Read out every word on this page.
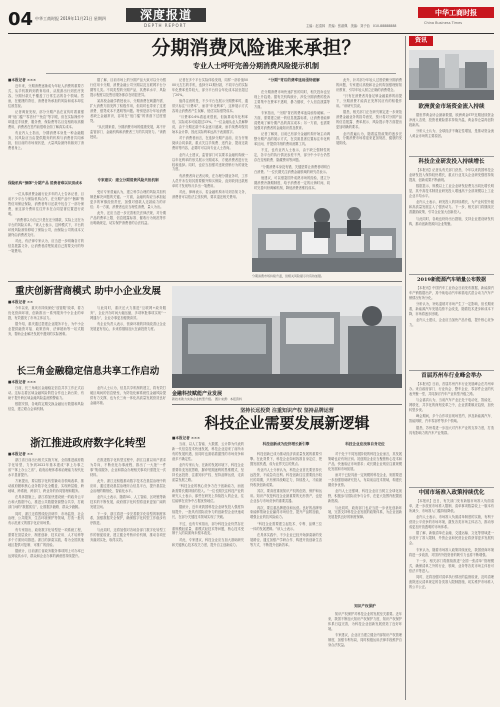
04 中华工商时报 2019年11月21日 星期四	深度报道
DEPTH REPORT	主编：赵清林　责编：张淑佩　美编：刘子怡　010-88888888
中华工商时报
China Business Times
分期消费风险谁来承担？
专业人士呼吁完善分期消费风险提示机制
■本报记者 ×××

近年来，分期消费逐渐成为年轻人消费的重要方式，从手机数码到教育培训，从旅游出行到医疗美容，分期付款几乎覆盖了日常生活的各个领域。然而，在便捷的背后，消费者所承担的风险和成本却往往被忽视。

记者调查发现，部分分期产品在宣传时着重强调“低门槛”“零首付”“免息”等字眼，但在实际操作中却通过手续费、服务费、保险费等名目变相收取高额费用，消费者在签约前很难全面了解真实成本。

有业内人士指出，分期消费本身是一种金融服务，其风险应当由提供服务的机构与消费者共同承担，但目前的市场现状是，大量风险最终转嫁到了消费者身上。

保险机构“捆绑”分期产品 消费者难以识别成本

一位从事消费金融行业多年的人士告诉记者，目前不少平台与保险机构合作，在分期产品中“捆绑”销售信用保证保险，消费者每月还款中包含了一部分保费，而这部分费用往往并未在合同显著位置进行说明。

“消费者以为自己只是在还分期款，实际上还在为平台的风险买单。”该人士表示，这种模式下，平台的坏账风险被转移给了保险公司，而保险公司的成本又最终由消费者支付。

对此，有法律专家认为，应当进一步明确各方的信息披露义务，让消费者清楚知道自己需要支付的每一笔费用。

据了解，目前市场上的分期产品大致可以分为银行信用卡分期、消费金融公司分期以及互联网平台分期等几类。不同类型的分期产品，其费率水平、风险提示程度以及售后服务都存在明显差异。

某高校金融学教授表示，分期消费在刺激内需、扩大消费方面发挥了积极作用，但同时也带来了过度消费、借贷成本不透明等问题。特别是部分年轻消费者缺乏金融常识，容易在“低门槛”的诱惑下过度借贷。

“从长期来看，分期消费市场的健康发展，离不开监管部门、金融机构和消费者三方的共同努力。”该教授说。

专家建议：建立分期消费风险共担机制

受访专家普遍认为，建立科学合理的风险共担机制是解决问题的关键。一方面，金融机构应当承担起更多的审慎经营责任，加强对借款人还款能力的评估；另一方面，消费者也应当理性消费，量入为出。

此外，还应当进一步完善相关法律法规，对分期产品的费率上限、信息披露标准、催收行为规范等作出明确规定，切实保护消费者的合法权益。

记者在多个平台实际体验发现，同样一部价值5000元左右的手机，选择分12期付款，不同平台的实际年化费率差异较大，部分平台综合年化成本甚至超过了20%。

值得注意的是，不少平台在展示分期费率时，通常只标注“月费率”，而非“年化利率”，这种展示方式容易让消费者产生误解，低估实际借贷成本。

“月费率0.6%看起来很低，但换算成年化利率后，实际成本可能超过13%。”一位金融从业人员解释说，由于分期还款中本金逐月递减，而手续费却按初始本金计算，因此实际利率远高于表面数字。

对于消费者而言，在选择分期产品前，应当仔细阅读合同条款，重点关注手续费、违约金、提前还款费用等内容，必要时可以向专业人士咨询。

业内人士建议，监管部门可以要求金融机构统一以年化利率的形式展示分期成本，方便消费者进行比较和选择。同时，也应当加强对违规营销行为的查处力度。

有消费者向记者反映，在办理分期业务时，工作人员并未告知其需要额外购买保险，直到收到还款账单时才发现每月多出一笔费用。

对此，律师表示，若金融机构未尽到告知义务，消费者可以依法主张权利，要求退还相关费用。

“分期”背后的费率迷局亟待破解

在分期消费市场快速扩张的同时，相关投诉也呈现上升趋势。据有关机构统计，涉及分期消费的投诉主要集中在费率不透明、暴力催收、个人信息泄露等方面。

专家指出，“分期”背后的费率迷局亟待破解。一方面，需要建立统一的信息披露标准，让消费者能够清楚地了解分期产品的真实成本；另一方面，也需要加强对消费者的金融知识普及教育。

记者了解到，目前已有部分金融机构开始主动调整分期产品的展示方式，在页面显著位置标注年化利率区间，并提供详细的费用测算工具。

不过，也有业内人士表示，由于缺乏强制性规定，各平台的执行情况参差不齐，部分中小平台仍然存在变相收费、隐藏费用等问题。

“分期消费本身没有错，关键是要让消费者明明白白消费。”一位长期关注消费金融领域的研究员表示。

他建议，可以借鉴国外成熟市场的经验，建立分期消费冷静期制度，给予消费者一定的反悔时间，同时完善纠纷调解机制，降低消费者维权成本。

此外，针对部分年轻人过度依赖分期消费的问题，专家建议高校和社会机构加强理财知识教育，引导年轻人树立正确的消费观念。

“只有在消费者具备足够金融素养的前提下，分期消费才能真正发挥其应有的积极作用。”该研究员说。

据悉，相关部门正在研究制定进一步规范消费金融业务的指导意见，预计将对分期产品的信息披露、费率展示、风险提示等方面提出更加明确的要求。

业内普遍认为，随着监管政策的逐步完善，分期消费市场将迎来更加规范、健康的发展阶段。

分期消费市场持续升温，但相关风险提示仍有待加强。
重庆创新营商模式 助中小企业发展
■本报记者 ××

今年以来，重庆市持续深化“放管服”改革，着力优化营商环境，创新推出一系列服务中小企业的举措，有效激发了市场主体活力。

据介绍，重庆通过搭建企业服务平台，为中小企业提供融资对接、政策咨询、法律援助等一站式服务，帮助企业解决发展中遇到的实际困难。

与此同时，重庆还大力推进“互联网+政务服务”，企业开办时间大幅压缩，多项审批事项实现“一网通办”，企业办事更加便捷高效。

有企业负责人表示，营商环境的持续改善让企业发展更有信心，未来将继续加大在渝投资力度。

长三角金融稳定信息共享工作启动
■本报记者 ×××

日前，长三角地区金融稳定信息共享工作正式启动。这标志着区域金融风险防控合作迈上新台阶，有助于提升跨区域金融风险监测预警能力。

根据安排，各地将定期交换金融运行数据和风险信息，建立联合会商机制。

业内人士认为，信息共享机制的建立，将有效打破区域间的信息壁垒，为防范化解系统性金融风险提供有力支撑，也为长三角一体化高质量发展营造良好金融环境。

浙江推进政府数字化转型
■本报记者 ××

浙江省日前出台相关实施方案，全面推进政府数字化转型，力争到2022年基本建成“掌上办事之省”“掌上办公之省”，政府治理体系和治理能力现代化水平显著提升。

方案提出，要以数字化转型撬动各领域改革，推动政府履职核心业务数字化全覆盖，实现跨层级、跨地域、跨系统、跨部门、跨业务的协同管理和服务。

在具体措施上，浙江将加快建设统一的政务云平台和大数据中心，推进公共数据资源整合共享，打破部门间的“数据孤岛”，让数据多跑路、群众少跑腿。

同时，浙江还将围绕经济调节、市场监管、社会治理、公共服务、生态环境保护等领域，打造一批具有示范意义的数字化应用场景。

有专家指出，政府数字化转型是一项系统工程，需要在顶层设计、制度创新、技术应用、人才培养等多个方面协同推进。浙江的探索实践，将为全国其他地区提供可复制、可推广的经验。

据统计，目前浙江省政务服务事项网上可办率已达到较高水平，群众和企业办事的满意度持续提升。

在推进数字化转型过程中，浙江注重以用户需求为导向，不断优化办事流程，推出了一大批“一件事”集成服务，企业和群众办理相关事项只需提交一次材料。

此外，浙江还积极推动数字技术在基层治理中的应用，通过建设基层治理综合信息平台，提升基层社会治理的精细化、智能化水平。

业内人士表示，随着5G、人工智能、区块链等新技术的不断发展，政府数字化转型将迎来更加广阔的发展空间。

下一步，浙江将进一步完善数字化转型的制度体系，加强数据安全保护，确保数字化转型工作稳步有序推进。

与此同时，还将加强对各地各部门数字化转型工作的督促检查，建立健全考核评价机制，推动各项任务落到实处，取得实效。

金融科技赋能产业发展
新技术助力实体企业转型升级。 图片来源：本报资料
坚持长远投资 注重知识产权 坚持品牌运营
科技企业需要发展新逻辑
■本报记者 ×××

当前，以人工智能、大数据、云计算为代表的新一代信息技术快速发展，科技企业迎来了前所未有的发展机遇，但同时也面临着激烈的市场竞争和诸多不确定性。

业内专家认为，在新的发展环境下，科技企业需要转变发展思路，摒弃短期逐利的思维模式，坚持长远投资、注重知识产权、坚持品牌运营，走高质量发展之路。

“科技企业的核心竞争力在于创新能力，而创新需要长期持续的投入。”一位长期关注科技产业的研究人士表示，那些在研发上持续投入的企业，往往能够在竞争中占据优势地位。

据统计，近年来我国科技企业研发投入强度持续提升，一批具有国际竞争力的创新型企业快速成长，在部分关键技术领域实现了突破。

不过，也有专家指出，部分科技企业仍然存在重规模轻质量、重模式轻技术等问题，核心技术受制于人的局面尚未根本改变。

对此，专家建议，科技企业应当加大基础研究和关键核心技术攻关力度，提升自主创新能力。

科技创新成为经济增长新引擎

科技创新已成为推动经济高质量发展的重要引擎。在此背景下，科技企业如何找准自身定位、把握发展机遇，成为业界关注的焦点。

有业内人士分析认为，科技企业首先要坚持长远投资，不能急功近利。科技创新往往需要经历较长的周期，只有保持战略定力，持续投入，才能最终收获创新成果。

其次，要高度重视知识产权的创造、保护和运用。知识产权是科技企业最重要的无形资产，也是企业参与市场竞争的重要武器。

再次，要注重品牌建设和运营。良好的品牌形象能够帮助企业赢得市场信任，提升产品附加值，增强企业的抗风险能力。

“科技企业需要建立起技术、专利、品牌三位一体的发展逻辑。”该人士表示。

在具体实践中，不少企业已经开始探索新的发展路径，通过加强产学研合作、构建开放创新生态等方式，不断提升创新效率。

科技企业应找准自身定位

对于处于不同发展阶段的科技企业而言，其发展策略也应有所区别。初创期企业应当聚焦核心技术和产品，快速验证市场需求；成长期企业则应注重规模化发展和市场拓展。

而对于已经具备一定规模的科技企业，则需要进一步加强基础研究投入，布局前沿技术领域，构建长期竞争优势。

业内人士还强调，科技企业应当树立全球化视野，积极参与国际竞争与合作，在更大范围内配置创新资源。

与此同时，政府部门也应当进一步优化创新环境，完善支持科技企业发展的政策体系，为企业创新发展提供良好的制度保障。

知识产权保护

知识产权保护对科技企业的发展至关重要。近年来，我国不断加大知识产权保护力度，知识产权保护体系日趋完善，为科技企业创新发展营造了良好环境。

专家建议，企业应当建立健全内部知识产权管理制度，加强专利布局，同时积极运用法律手段维护自身合法权益。

资讯
欧洲黄金市场资金流入持续

据世界黄金协会最新数据，欧洲黄金ETF近期延续资金净流入态势，投资者避险需求持续升温，黄金持仓量再创阶段新高。

分析人士认为，全球经济不确定性增加，是推动资金流入黄金市场的主要原因。

科技企业研发投入持续增长

【本报讯】记者从有关部门获悉，今年以来我国科技企业研发投入保持较快增长，重点行业龙头企业研发强度持续提高，创新成果不断涌现。

数据显示，规模以上工业企业研发经费支出同比增长明显，其中高技术制造业研发投入增速高于全部规模以上工业企业平均水平。

业内人士表示，研发投入的持续增长，为产业转型升级和高质量发展注入了强劲动力。下一步，相关部门将继续完善激励政策，引导企业加大创新投入。

与此同时，各地也纷纷出台措施，支持企业建设研发机构，推动创新资源向企业集聚。

2019新能源汽车销量公布数据

【本报讯】中国汽车工业协会日前发布数据，新能源汽车产销数据出炉，其中纯电动汽车和插电式混合动力汽车产销情况有所分化。

分析认为，补贴退坡对市场产生了一定影响，但长期来看，新能源汽车发展趋势不会改变，随着技术进步和成本下降，市场将逐步回暖。

业内人士建议，企业应当加快产品升级，提升核心竞争力。

首届苏州车行业峰会举办

【本报讯】日前，首届苏州汽车行业发展峰会在苏州举办。来自政府部门、行业协会、整车企业、零部件企业的代表齐聚一堂，共同探讨汽车产业转型升级之路。

与会嘉宾认为，当前汽车产业正处于电动化、智能化、网联化、共享化的深刻变革之中，企业需要顺应趋势，加快转型步伐。

峰会期间，多个合作项目现场签约，涉及新能源汽车、智能网联、汽车零部件等多个领域。

据悉，苏州将进一步加大对汽车产业的支持力度，打造具有影响力的汽车产业集群。

中国市场准入政策持续优化

【本报讯】近日，有关部门发布新版市场准入负面清单，进一步放宽市场准入限制，清单事项数量较上一版本有所减少，市场准入门槛持续降低。

业内人士表示，市场准入负面清单制度的实施，有利于营造公平竞争的市场环境，激发各类市场主体活力，推动形成更加开放透明的市场体系。

据了解，新版清单在金融、交通运输、文化等领域进一步放开了准入限制，外资企业和民营企业将获得更多发展机会。

专家认为，随着市场准入政策持续优化，我国营商环境将进一步改善，对国内外投资者的吸引力也将不断增强。

下一步，相关部门将继续推进“全国一张清单”管理模式，确保清单之外的行业、领域、业务等各类市场主体皆可依法平等进入。

同时，还将加强对清单执行情况的监督检查，及时清理废除违反清单规定的各类准入限制措施，切实维护市场准入的公平公正。
